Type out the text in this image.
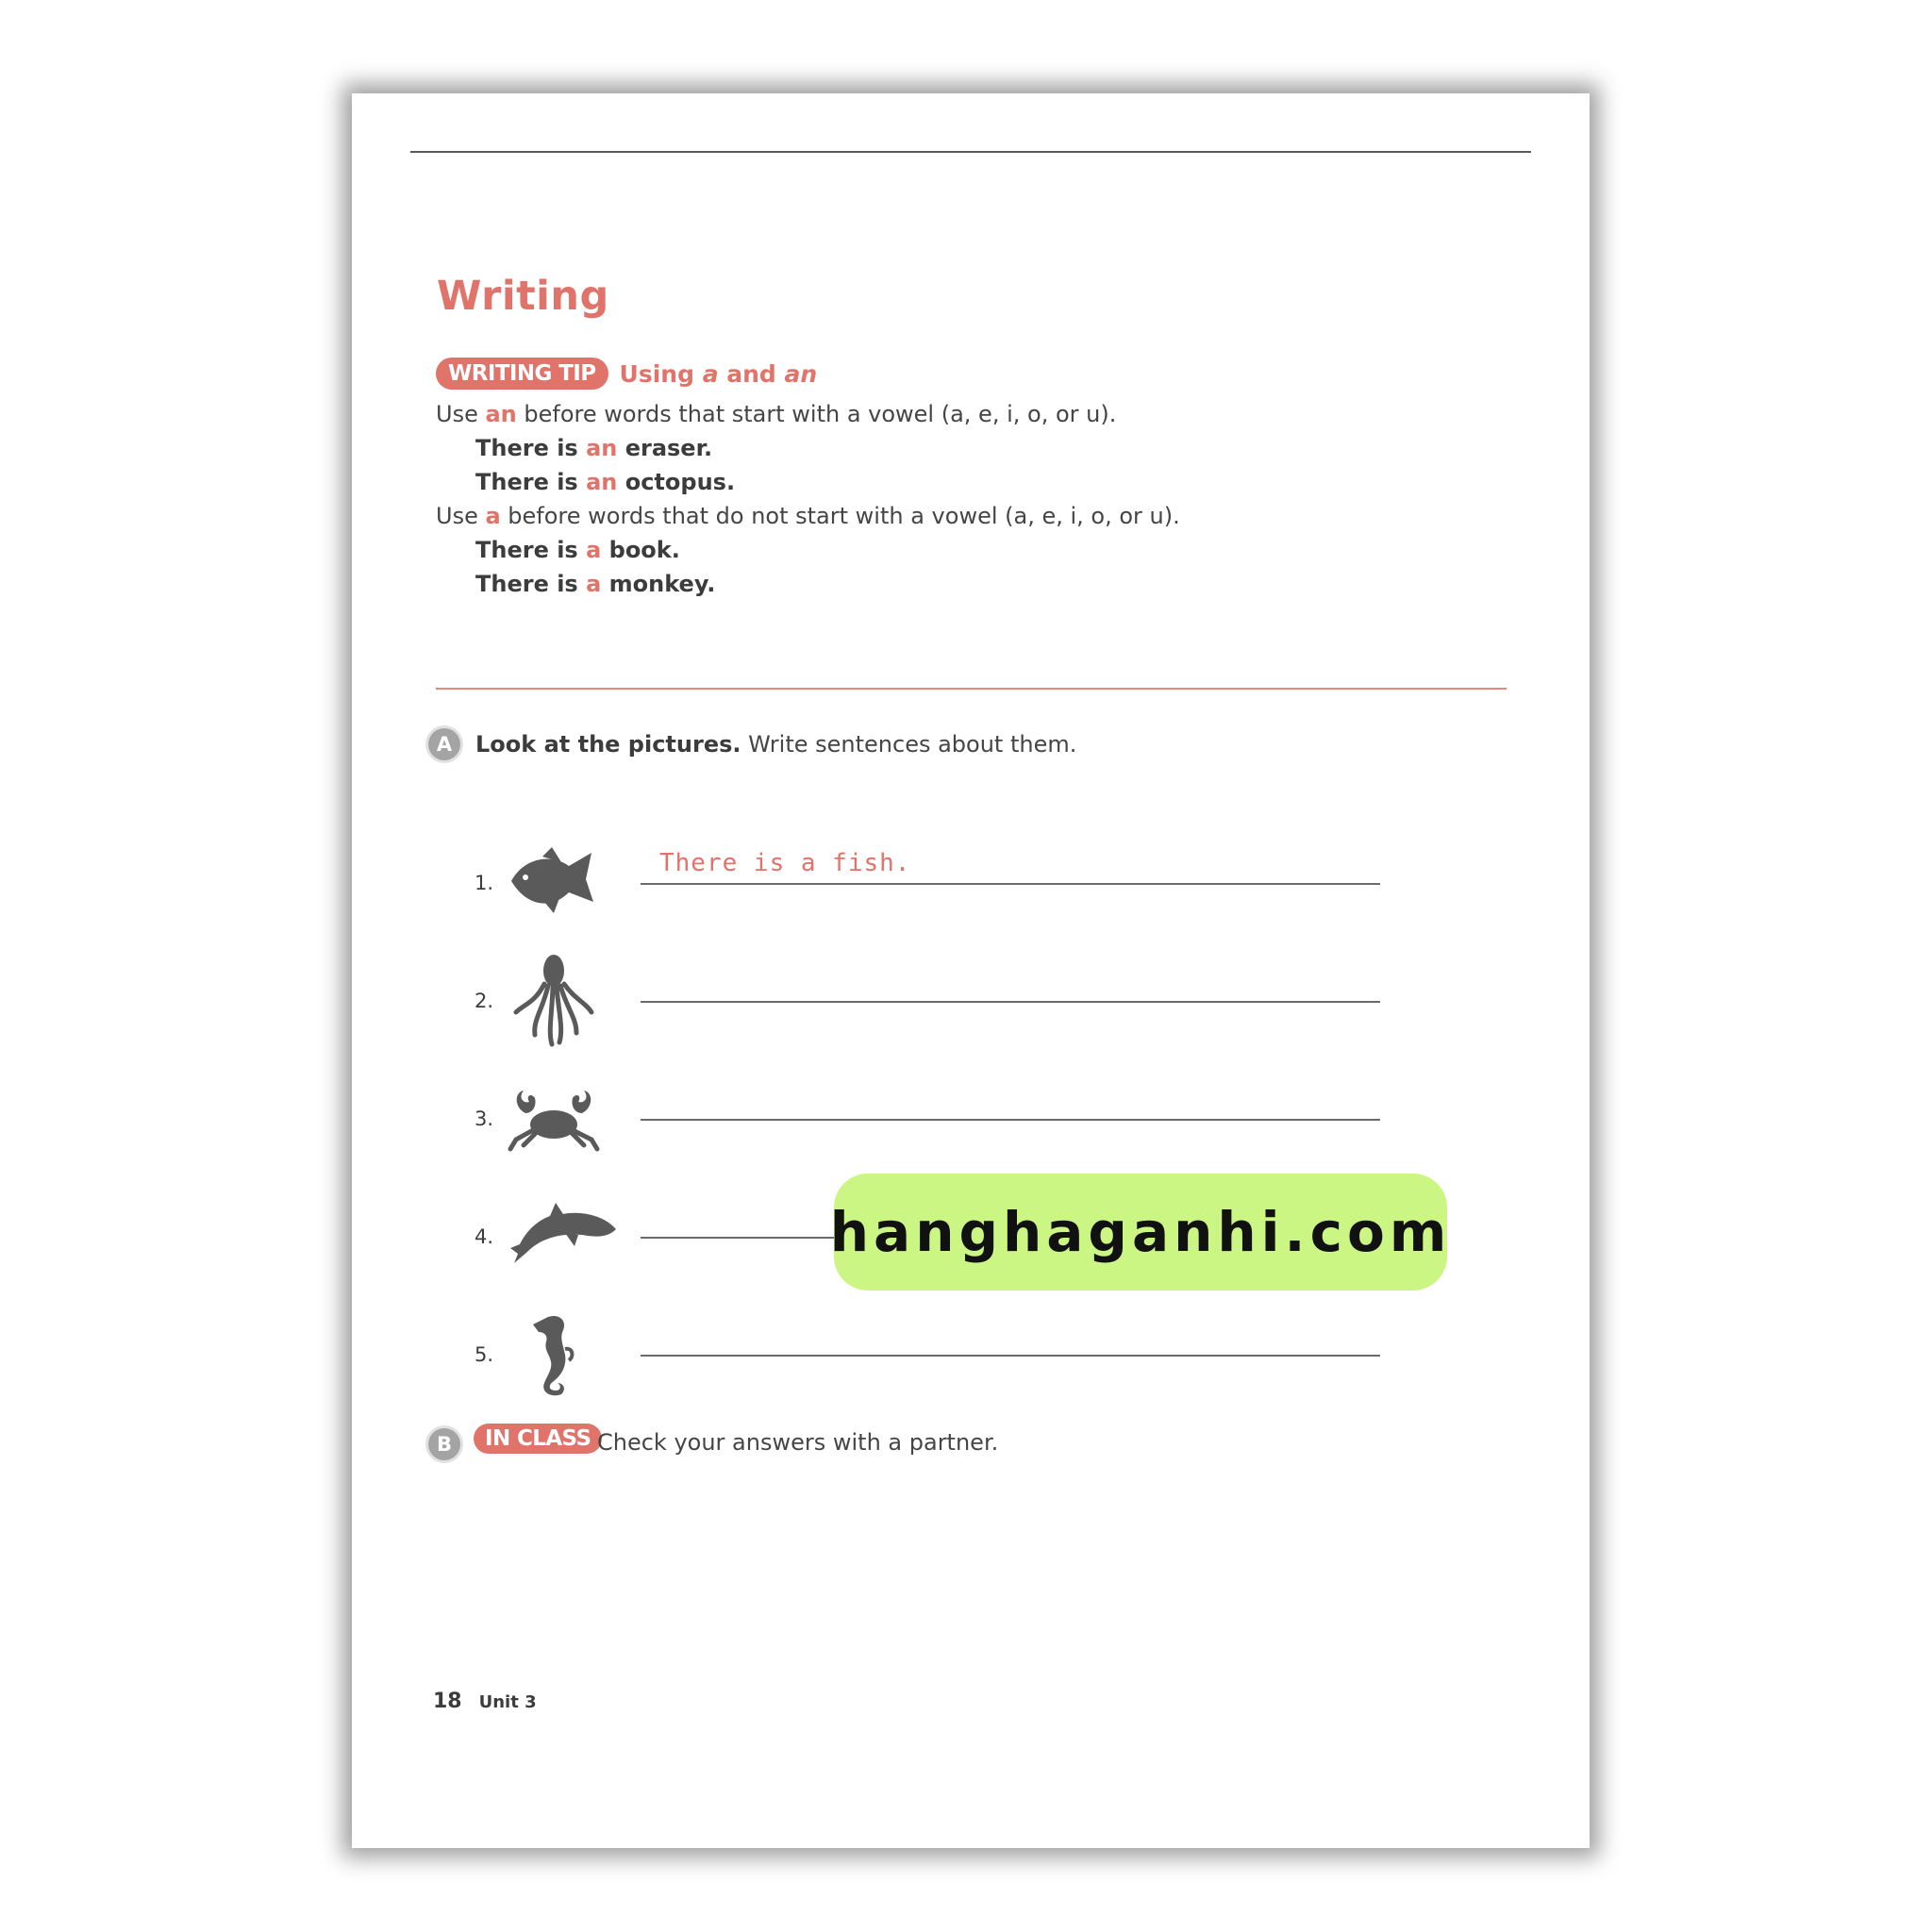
Writing
WRITING TIP	Using a and an
Use an before words that start with a vowel (a, e, i, o, or u).
There is an eraser.
There is an octopus.
Use a before words that do not start with a vowel (a, e, i, o, or u).
There is a book.
There is a monkey.
A	Look at the pictures. Write sentences about them.
1.
There is a fish.
2.
3.
4.
5.
B	IN CLASS Check your answers with a partner.
18 Unit 3
hanghaganhi.com
